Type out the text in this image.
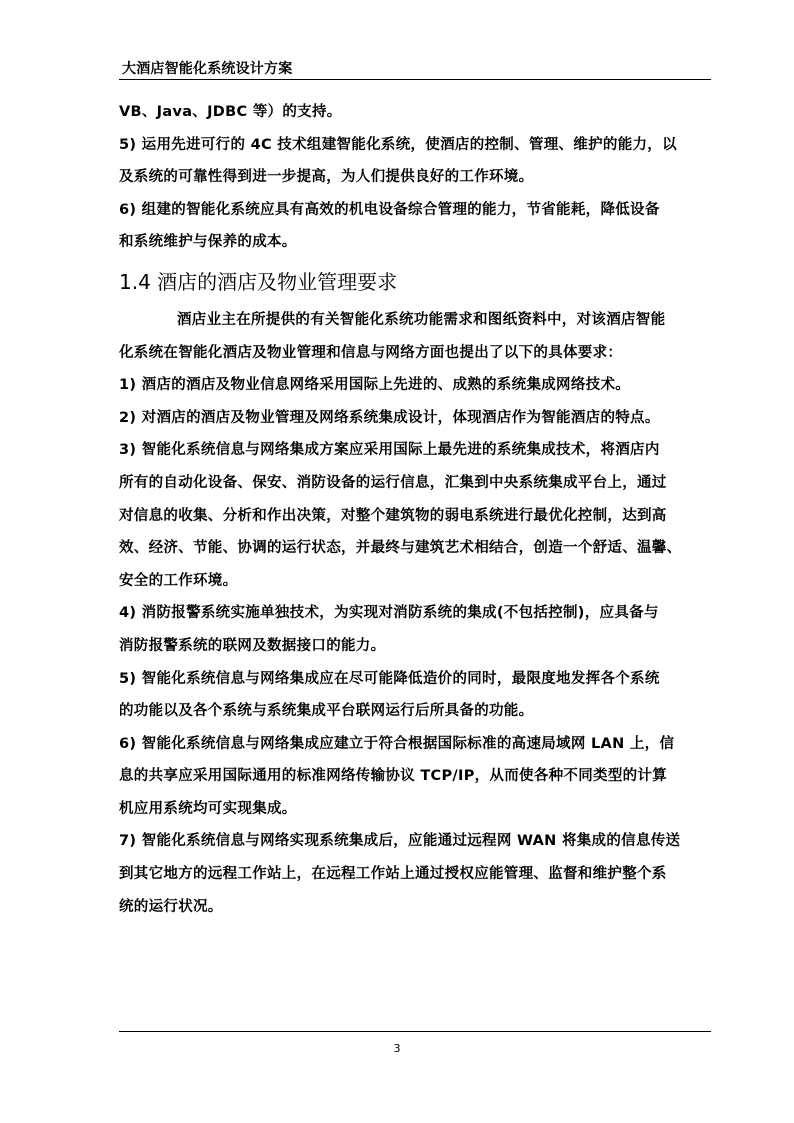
大酒店智能化系统设计方案

VB、Java、JDBC 等）的支持。

5) 运用先进可行的 4C 技术组建智能化系统，使酒店的控制、管理、维护的能力，以
及系统的可靠性得到进一步提高，为人们提供良好的工作环境。

6) 组建的智能化系统应具有高效的机电设备综合管理的能力，节省能耗，降低设备
和系统维护与保养的成本。

1.4 酒店的酒店及物业管理要求

酒店业主在所提供的有关智能化系统功能需求和图纸资料中，对该酒店智能
化系统在智能化酒店及物业管理和信息与网络方面也提出了以下的具体要求：

1) 酒店的酒店及物业信息网络采用国际上先进的、成熟的系统集成网络技术。

2) 对酒店的酒店及物业管理及网络系统集成设计，体现酒店作为智能酒店的特点。

3) 智能化系统信息与网络集成方案应采用国际上最先进的系统集成技术，将酒店内
所有的自动化设备、保安、消防设备的运行信息，汇集到中央系统集成平台上，通过
对信息的收集、分析和作出决策，对整个建筑物的弱电系统进行最优化控制，达到高
效、经济、节能、协调的运行状态，并最终与建筑艺术相结合，创造一个舒适、温馨、
安全的工作环境。

4) 消防报警系统实施单独技术，为实现对消防系统的集成(不包括控制)，应具备与
消防报警系统的联网及数据接口的能力。

5) 智能化系统信息与网络集成应在尽可能降低造价的同时，最限度地发挥各个系统
的功能以及各个系统与系统集成平台联网运行后所具备的功能。

6) 智能化系统信息与网络集成应建立于符合根据国际标准的高速局域网 LAN 上，信
息的共享应采用国际通用的标准网络传输协议 TCP/IP，从而使各种不同类型的计算
机应用系统均可实现集成。

7) 智能化系统信息与网络实现系统集成后，应能通过远程网 WAN 将集成的信息传送
到其它地方的远程工作站上，在远程工作站上通过授权应能管理、监督和维护整个系
统的运行状况。

3
